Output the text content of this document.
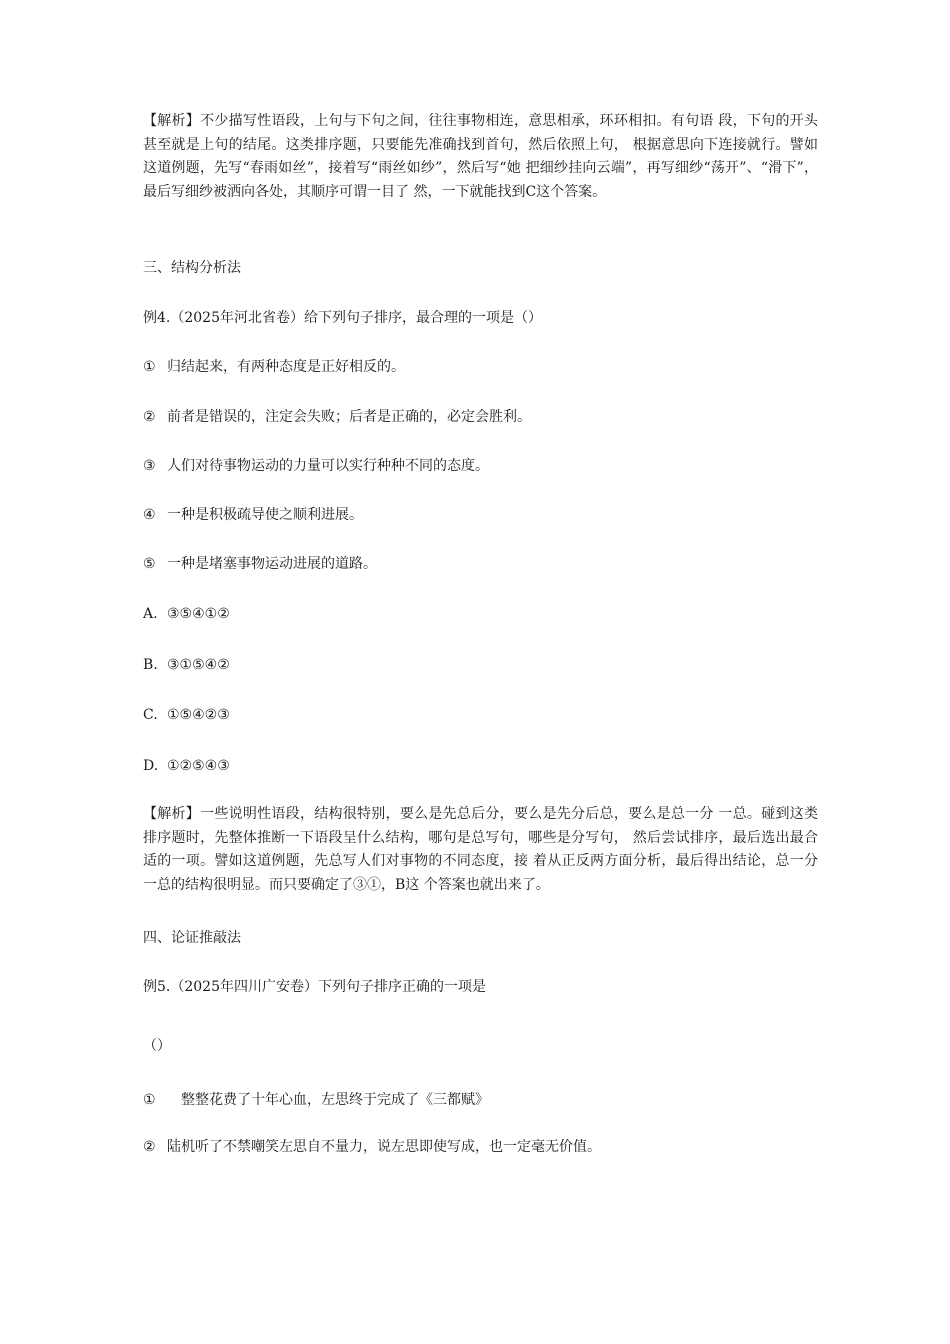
【解析】不少描写性语段，上句与下句之间，往往事物相连，意思相承，环环相扣。有句语 段，下句的开头甚至就是上句的结尾。这类排序题，只要能先准确找到首句，然后依照上句， 根据意思向下连接就行。譬如这道例题，先写“春雨如丝”，接着写“雨丝如纱”，然后写“她 把细纱挂向云端”，再写细纱“荡开”、“滑下”，最后写细纱被洒向各处，其顺序可谓一目了 然，一下就能找到C这个答案。

三、结构分析法

例4.（2025年河北省卷）给下列句子排序，最合理的一项是（）

① 归结起来，有两种态度是正好相反的。

② 前者是错误的，注定会失败；后者是正确的，必定会胜利。

③ 人们对待事物运动的力量可以实行种种不同的态度。

④ 一种是积极疏导使之顺利进展。

⑤ 一种是堵塞事物运动进展的道路。

A. ③⑤④①②

B. ③①⑤④②

C. ①⑤④②③

D. ①②⑤④③

【解析】一些说明性语段，结构很特别，要么是先总后分，要么是先分后总，要么是总一分 一总。碰到这类排序题时，先整体推断一下语段呈什么结构，哪句是总写句，哪些是分写句， 然后尝试排序，最后选出最合适的一项。譬如这道例题，先总写人们对事物的不同态度，接 着从正反两方面分析，最后得出结论，总一分一总的结构很明显。而只要确定了③①，B这 个答案也就出来了。

四、论证推敲法

例5.（2025年四川广安卷）下列句子排序正确的一项是

（）

① 整整花费了十年心血，左思终于完成了《三都赋》

② 陆机听了不禁嘲笑左思自不量力，说左思即使写成，也一定毫无价值。
